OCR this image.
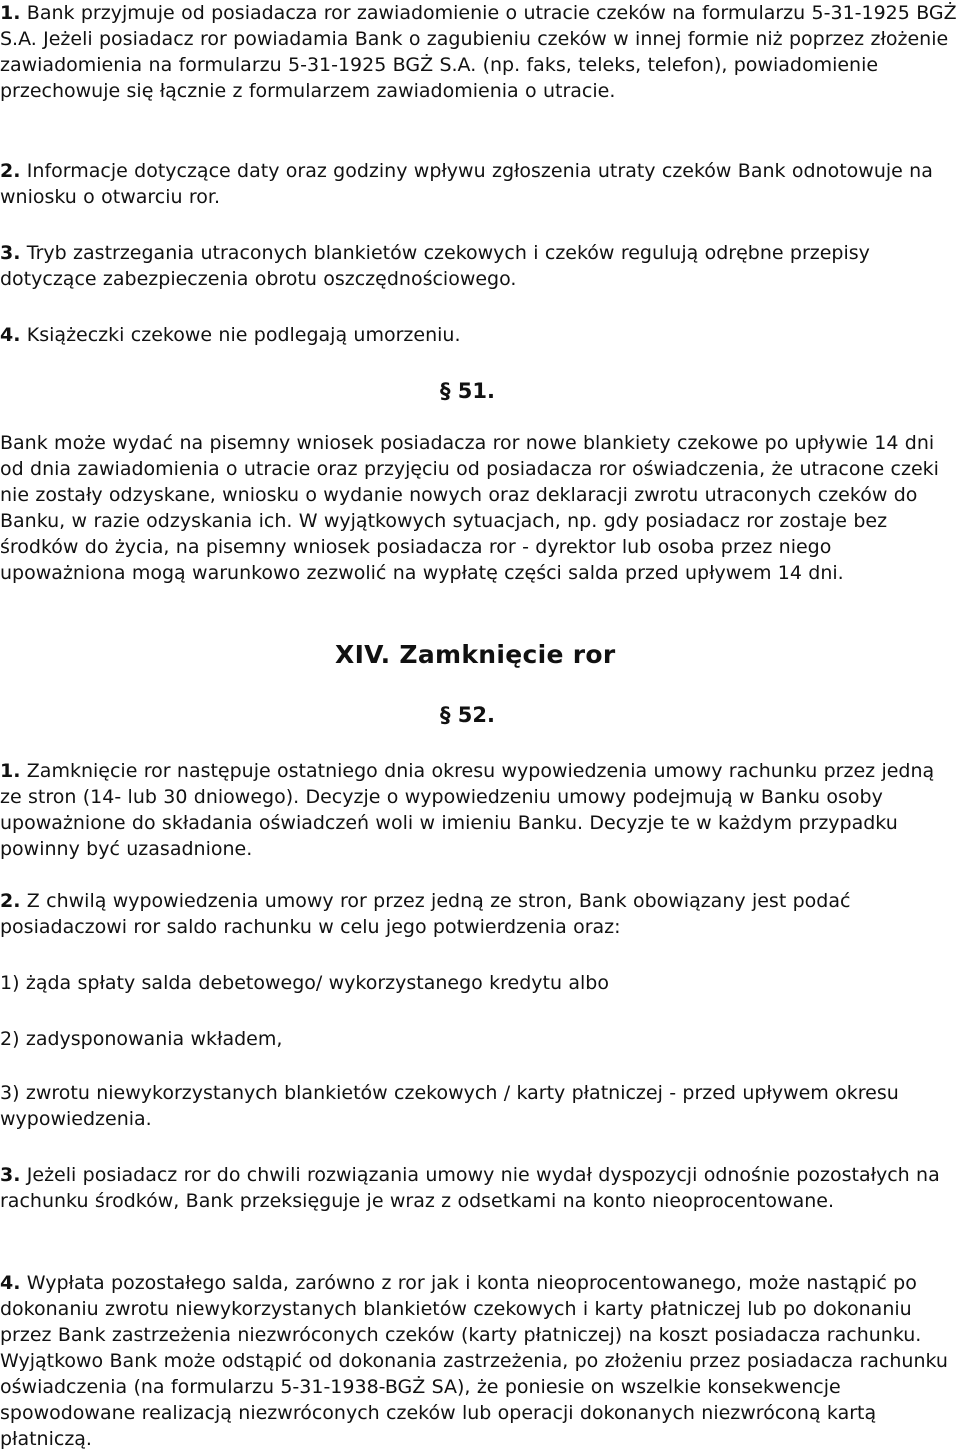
1. Bank przyjmuje od posiadacza ror zawiadomienie o utracie czeków na formularzu 5-31-1925 BGŻ S.A. Jeżeli posiadacz ror powiadamia Bank o zagubieniu czeków w innej formie niż poprzez złożenie zawiadomienia na formularzu 5-31-1925 BGŻ S.A. (np. faks, teleks, telefon), powiadomienie przechowuje się łącznie z formularzem zawiadomienia o utracie.

2. Informacje dotyczące daty oraz godziny wpływu zgłoszenia utraty czeków Bank odnotowuje na wniosku o otwarciu ror.

3. Tryb zastrzegania utraconych blankietów czekowych i czeków regulują odrębne przepisy dotyczące zabezpieczenia obrotu oszczędnościowego.

4. Książeczki czekowe nie podlegają umorzeniu.

§ 51.

Bank może wydać na pisemny wniosek posiadacza ror nowe blankiety czekowe po upływie 14 dni od dnia zawiadomienia o utracie oraz przyjęciu od posiadacza ror oświadczenia, że utracone czeki nie zostały odzyskane, wniosku o wydanie nowych oraz deklaracji zwrotu utraconych czeków do Banku, w razie odzyskania ich. W wyjątkowych sytuacjach, np. gdy posiadacz ror zostaje bez środków do życia, na pisemny wniosek posiadacza ror - dyrektor lub osoba przez niego upoważniona mogą warunkowo zezwolić na wypłatę części salda przed upływem 14 dni.

XIV. Zamknięcie ror
§ 52.

1. Zamknięcie ror następuje ostatniego dnia okresu wypowiedzenia umowy rachunku przez jedną ze stron (14- lub 30 dniowego). Decyzje o wypowiedzeniu umowy podejmują w Banku osoby upoważnione do składania oświadczeń woli w imieniu Banku. Decyzje te w każdym przypadku powinny być uzasadnione.

2. Z chwilą wypowiedzenia umowy ror przez jedną ze stron, Bank obowiązany jest podać posiadaczowi ror saldo rachunku w celu jego potwierdzenia oraz:

1) żąda spłaty salda debetowego/ wykorzystanego kredytu albo

2) zadysponowania wkładem,

3) zwrotu niewykorzystanych blankietów czekowych / karty płatniczej - przed upływem okresu wypowiedzenia.

3. Jeżeli posiadacz ror do chwili rozwiązania umowy nie wydał dyspozycji odnośnie pozostałych na rachunku środków, Bank przeksięguje je wraz z odsetkami na konto nieoprocentowane.

4. Wypłata pozostałego salda, zarówno z ror jak i konta nieoprocentowanego, może nastąpić po dokonaniu zwrotu niewykorzystanych blankietów czekowych i karty płatniczej lub po dokonaniu przez Bank zastrzeżenia niezwróconych czeków (karty płatniczej) na koszt posiadacza rachunku. Wyjątkowo Bank może odstąpić od dokonania zastrzeżenia, po złożeniu przez posiadacza rachunku oświadczenia (na formularzu 5-31-1938-BGŻ SA), że poniesie on wszelkie konsekwencje spowodowane realizacją niezwróconych czeków lub operacji dokonanych niezwróconą kartą płatniczą.
